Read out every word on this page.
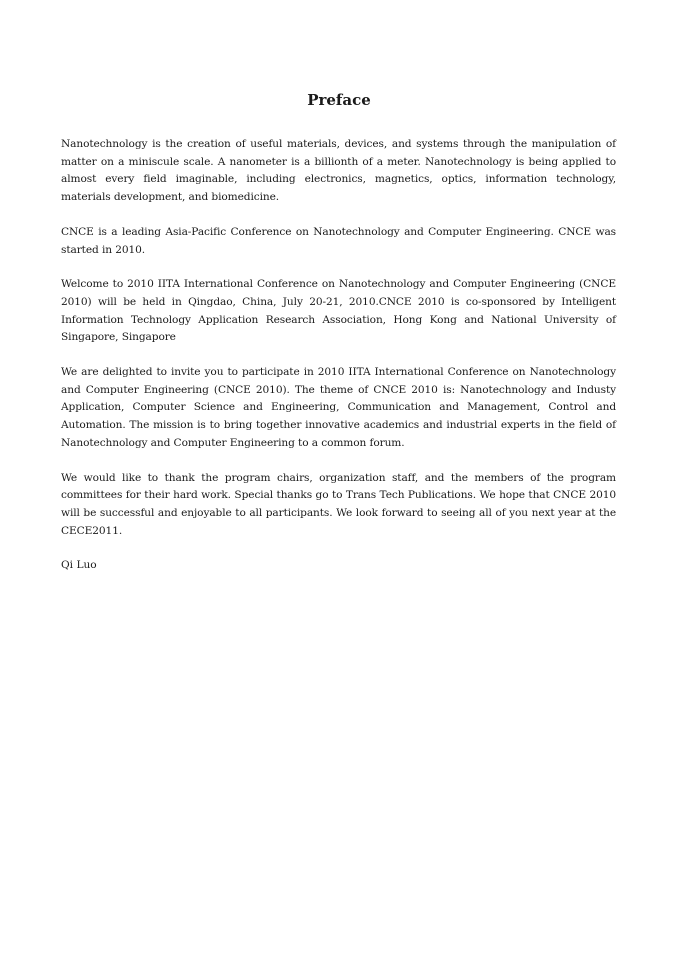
Preface

Nanotechnology is the creation of useful materials, devices, and systems through the manipulation of matter on a miniscule scale. A nanometer is a billionth of a meter. Nanotechnology is being applied to almost every field imaginable, including electronics, magnetics, optics, information technology, materials development, and biomedicine.

CNCE is a leading Asia-Pacific Conference on Nanotechnology and Computer Engineering. CNCE was started in 2010.

Welcome to 2010 IITA International Conference on Nanotechnology and Computer Engineering (CNCE 2010) will be held in Qingdao, China, July 20-21, 2010.CNCE 2010 is co-sponsored by Intelligent Information Technology Application Research Association, Hong Kong and National University of Singapore, Singapore

We are delighted to invite you to participate in 2010 IITA International Conference on Nanotechnology and Computer Engineering (CNCE 2010). The theme of CNCE 2010 is: Nanotechnology and Industy Application, Computer Science and Engineering, Communication and Management, Control and Automation. The mission is to bring together innovative academics and industrial experts in the field of Nanotechnology and Computer Engineering to a common forum.

We would like to thank the program chairs, organization staff, and the members of the program committees for their hard work. Special thanks go to Trans Tech Publications. We hope that CNCE 2010 will be successful and enjoyable to all participants. We look forward to seeing all of you next year at the CECE2011.

Qi Luo
